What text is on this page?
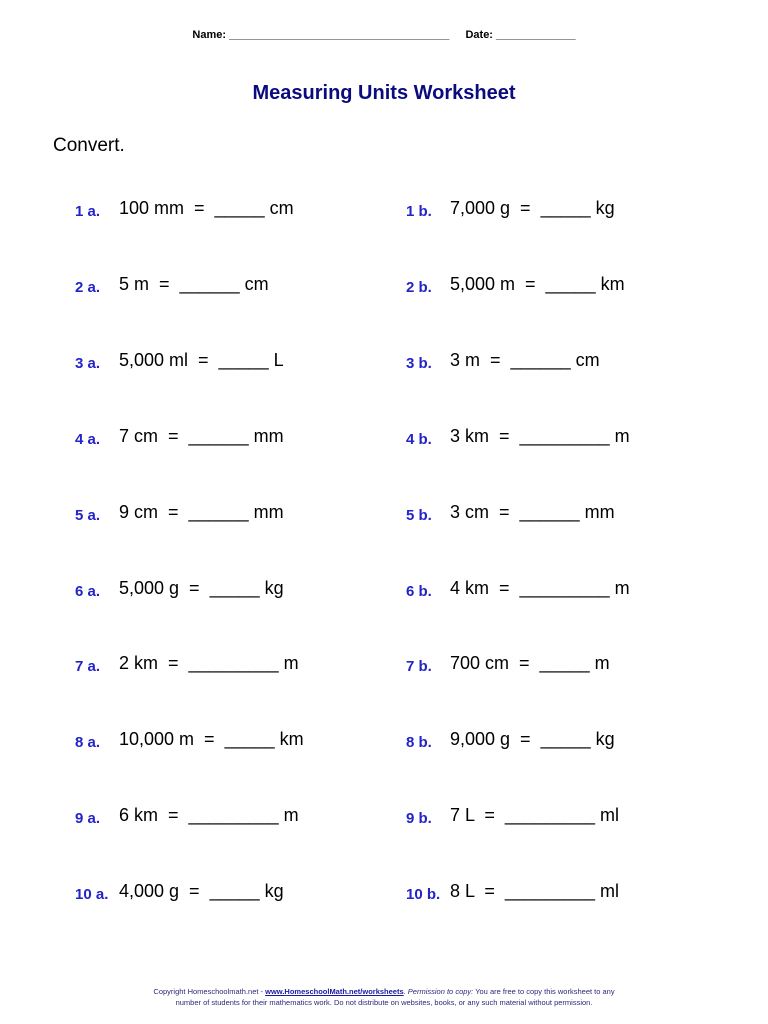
Name: ____________________________________ Date: _____________
Measuring Units Worksheet
Convert.
1 a. 100 mm  =  _____ cm
2 a. 5 m  =  ______ cm
3 a. 5,000 ml  =  _____ L
4 a. 7 cm  =  ______ mm
5 a. 9 cm  =  ______ mm
6 a. 5,000 g  =  _____ kg
7 a. 2 km  =  _________ m
8 a. 10,000 m  =  _____ km
9 a. 6 km  =  _________ m
10 a. 4,000 g  =  _____ kg
1 b. 7,000 g  =  _____ kg
2 b. 5,000 m  =  _____ km
3 b. 3 m  =  ______ cm
4 b. 3 km  =  _________ m
5 b. 3 cm  =  ______ mm
6 b. 4 km  =  _________ m
7 b. 700 cm  =  _____ m
8 b. 9,000 g  =  _____ kg
9 b. 7 L  =  _________ ml
10 b. 8 L  =  _________ ml
Copyright Homeschoolmath.net - www.HomeschoolMath.net/worksheets. Permission to copy: You are free to copy this worksheet to any
number of students for their mathematics work. Do not distribute on websites, books, or any such material without permission.
